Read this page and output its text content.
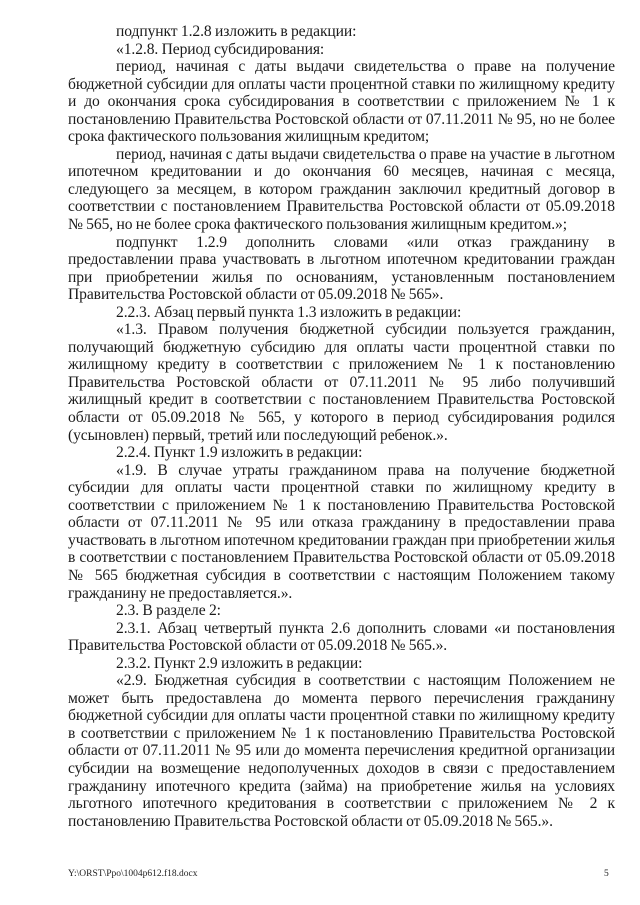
подпункт 1.2.8 изложить в редакции:

«1.2.8. Период субсидирования:

период, начиная с даты выдачи свидетельства о праве на получение бюджетной субсидии для оплаты части процентной ставки по жилищному кредиту и до окончания срока субсидирования в соответствии с приложением № 1 к постановлению Правительства Ростовской области от 07.11.2011 № 95, но не более срока фактического пользования жилищным кредитом;

период, начиная с даты выдачи свидетельства о праве на участие в льготном ипотечном кредитовании и до окончания 60 месяцев, начиная с месяца, следующего за месяцем, в котором гражданин заключил кредитный договор в соответствии с постановлением Правительства Ростовской области от 05.09.2018 № 565, но не более срока фактического пользования жилищным кредитом.»;

подпункт 1.2.9 дополнить словами «или отказ гражданину в предоставлении права участвовать в льготном ипотечном кредитовании граждан при приобретении жилья по основаниям, установленным постановлением Правительства Ростовской области от 05.09.2018 № 565».

2.2.3. Абзац первый пункта 1.3 изложить в редакции:

«1.3. Правом получения бюджетной субсидии пользуется гражданин, получающий бюджетную субсидию для оплаты части процентной ставки по жилищному кредиту в соответствии с приложением № 1 к постановлению Правительства Ростовской области от 07.11.2011 № 95 либо получивший жилищный кредит в соответствии с постановлением Правительства Ростовской области от 05.09.2018 № 565, у которого в период субсидирования родился (усыновлен) первый, третий или последующий ребенок.».

2.2.4. Пункт 1.9 изложить в редакции:

«1.9. В случае утраты гражданином права на получение бюджетной субсидии для оплаты части процентной ставки по жилищному кредиту в соответствии с приложением № 1 к постановлению Правительства Ростовской области от 07.11.2011 № 95 или отказа гражданину в предоставлении права участвовать в льготном ипотечном кредитовании граждан при приобретении жилья в соответствии с постановлением Правительства Ростовской области от 05.09.2018 № 565 бюджетная субсидия в соответствии с настоящим Положением такому гражданину не предоставляется.».

2.3. В разделе 2:

2.3.1. Абзац четвертый пункта 2.6 дополнить словами «и постановления Правительства Ростовской области от 05.09.2018 № 565.».

2.3.2. Пункт 2.9 изложить в редакции:

«2.9. Бюджетная субсидия в соответствии с настоящим Положением не может быть предоставлена до момента первого перечисления гражданину бюджетной субсидии для оплаты части процентной ставки по жилищному кредиту в соответствии с приложением № 1 к постановлению Правительства Ростовской области от 07.11.2011 № 95 или до момента перечисления кредитной организации субсидии на возмещение недополученных доходов в связи с предоставлением гражданину ипотечного кредита (займа) на приобретение жилья на условиях льготного ипотечного кредитования в соответствии с приложением № 2 к постановлению Правительства Ростовской области от 05.09.2018 № 565.».

Y:\ORST\Ppo\1004p612.f18.docx	5
